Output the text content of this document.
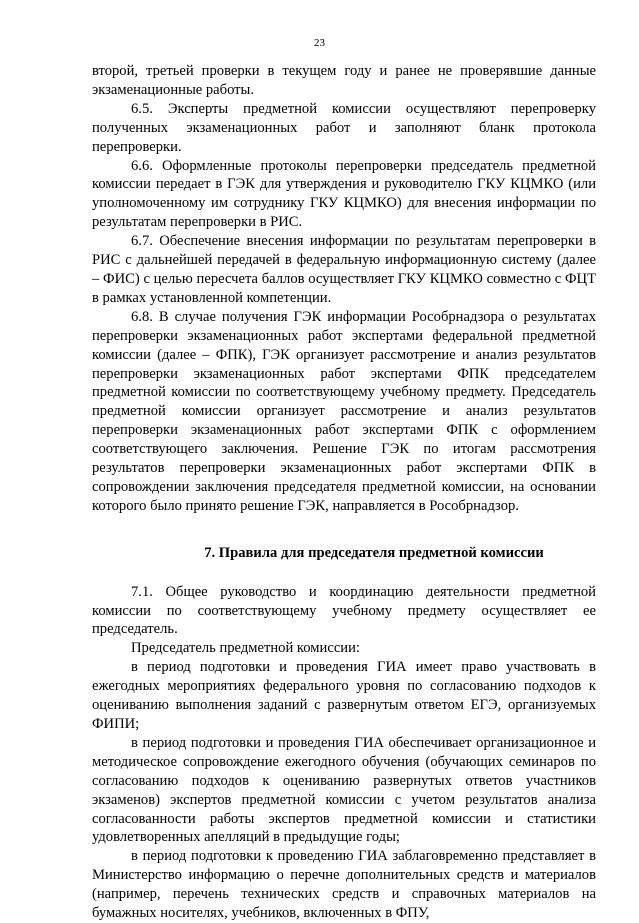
23

второй, третьей проверки в текущем году и ранее не проверявшие данные экзаменационные работы.

6.5. Эксперты предметной комиссии осуществляют перепроверку полученных экзаменационных работ и заполняют бланк протокола перепроверки.

6.6. Оформленные протоколы перепроверки председатель предметной комиссии передает в ГЭК для утверждения и руководителю ГКУ КЦМКО (или уполномоченному им сотруднику ГКУ КЦМКО) для внесения информации по результатам перепроверки в РИС.

6.7. Обеспечение внесения информации по результатам перепроверки в РИС с дальнейшей передачей в федеральную информационную систему (далее – ФИС) с целью пересчета баллов осуществляет ГКУ КЦМКО совместно с ФЦТ в рамках установленной компетенции.

6.8. В случае получения ГЭК информации Рособрнадзора о результатах перепроверки экзаменационных работ экспертами федеральной предметной комиссии (далее – ФПК), ГЭК организует рассмотрение и анализ результатов перепроверки экзаменационных работ экспертами ФПК председателем предметной комиссии по соответствующему учебному предмету. Председатель предметной комиссии организует рассмотрение и анализ результатов перепроверки экзаменационных работ экспертами ФПК с оформлением соответствующего заключения. Решение ГЭК по итогам рассмотрения результатов перепроверки экзаменационных работ экспертами ФПК в сопровождении заключения председателя предметной комиссии, на основании которого было принято решение ГЭК, направляется в Рособрнадзор.

7. Правила для председателя предметной комиссии

7.1. Общее руководство и координацию деятельности предметной комиссии по соответствующему учебному предмету осуществляет ее председатель.

Председатель предметной комиссии:

в период подготовки и проведения ГИА имеет право участвовать в ежегодных мероприятиях федерального уровня по согласованию подходов к оцениванию выполнения заданий с развернутым ответом ЕГЭ, организуемых ФИПИ;

в период подготовки и проведения ГИА обеспечивает организационное и методическое сопровождение ежегодного обучения (обучающих семинаров по согласованию подходов к оцениванию развернутых ответов участников экзаменов) экспертов предметной комиссии с учетом результатов анализа согласованности работы экспертов предметной комиссии и статистики удовлетворенных апелляций в предыдущие годы;

в период подготовки к проведению ГИА заблаговременно представляет в Министерство информацию о перечне дополнительных средств и материалов (например, перечень технических средств и справочных материалов на бумажных носителях, учебников, включенных в ФПУ,
